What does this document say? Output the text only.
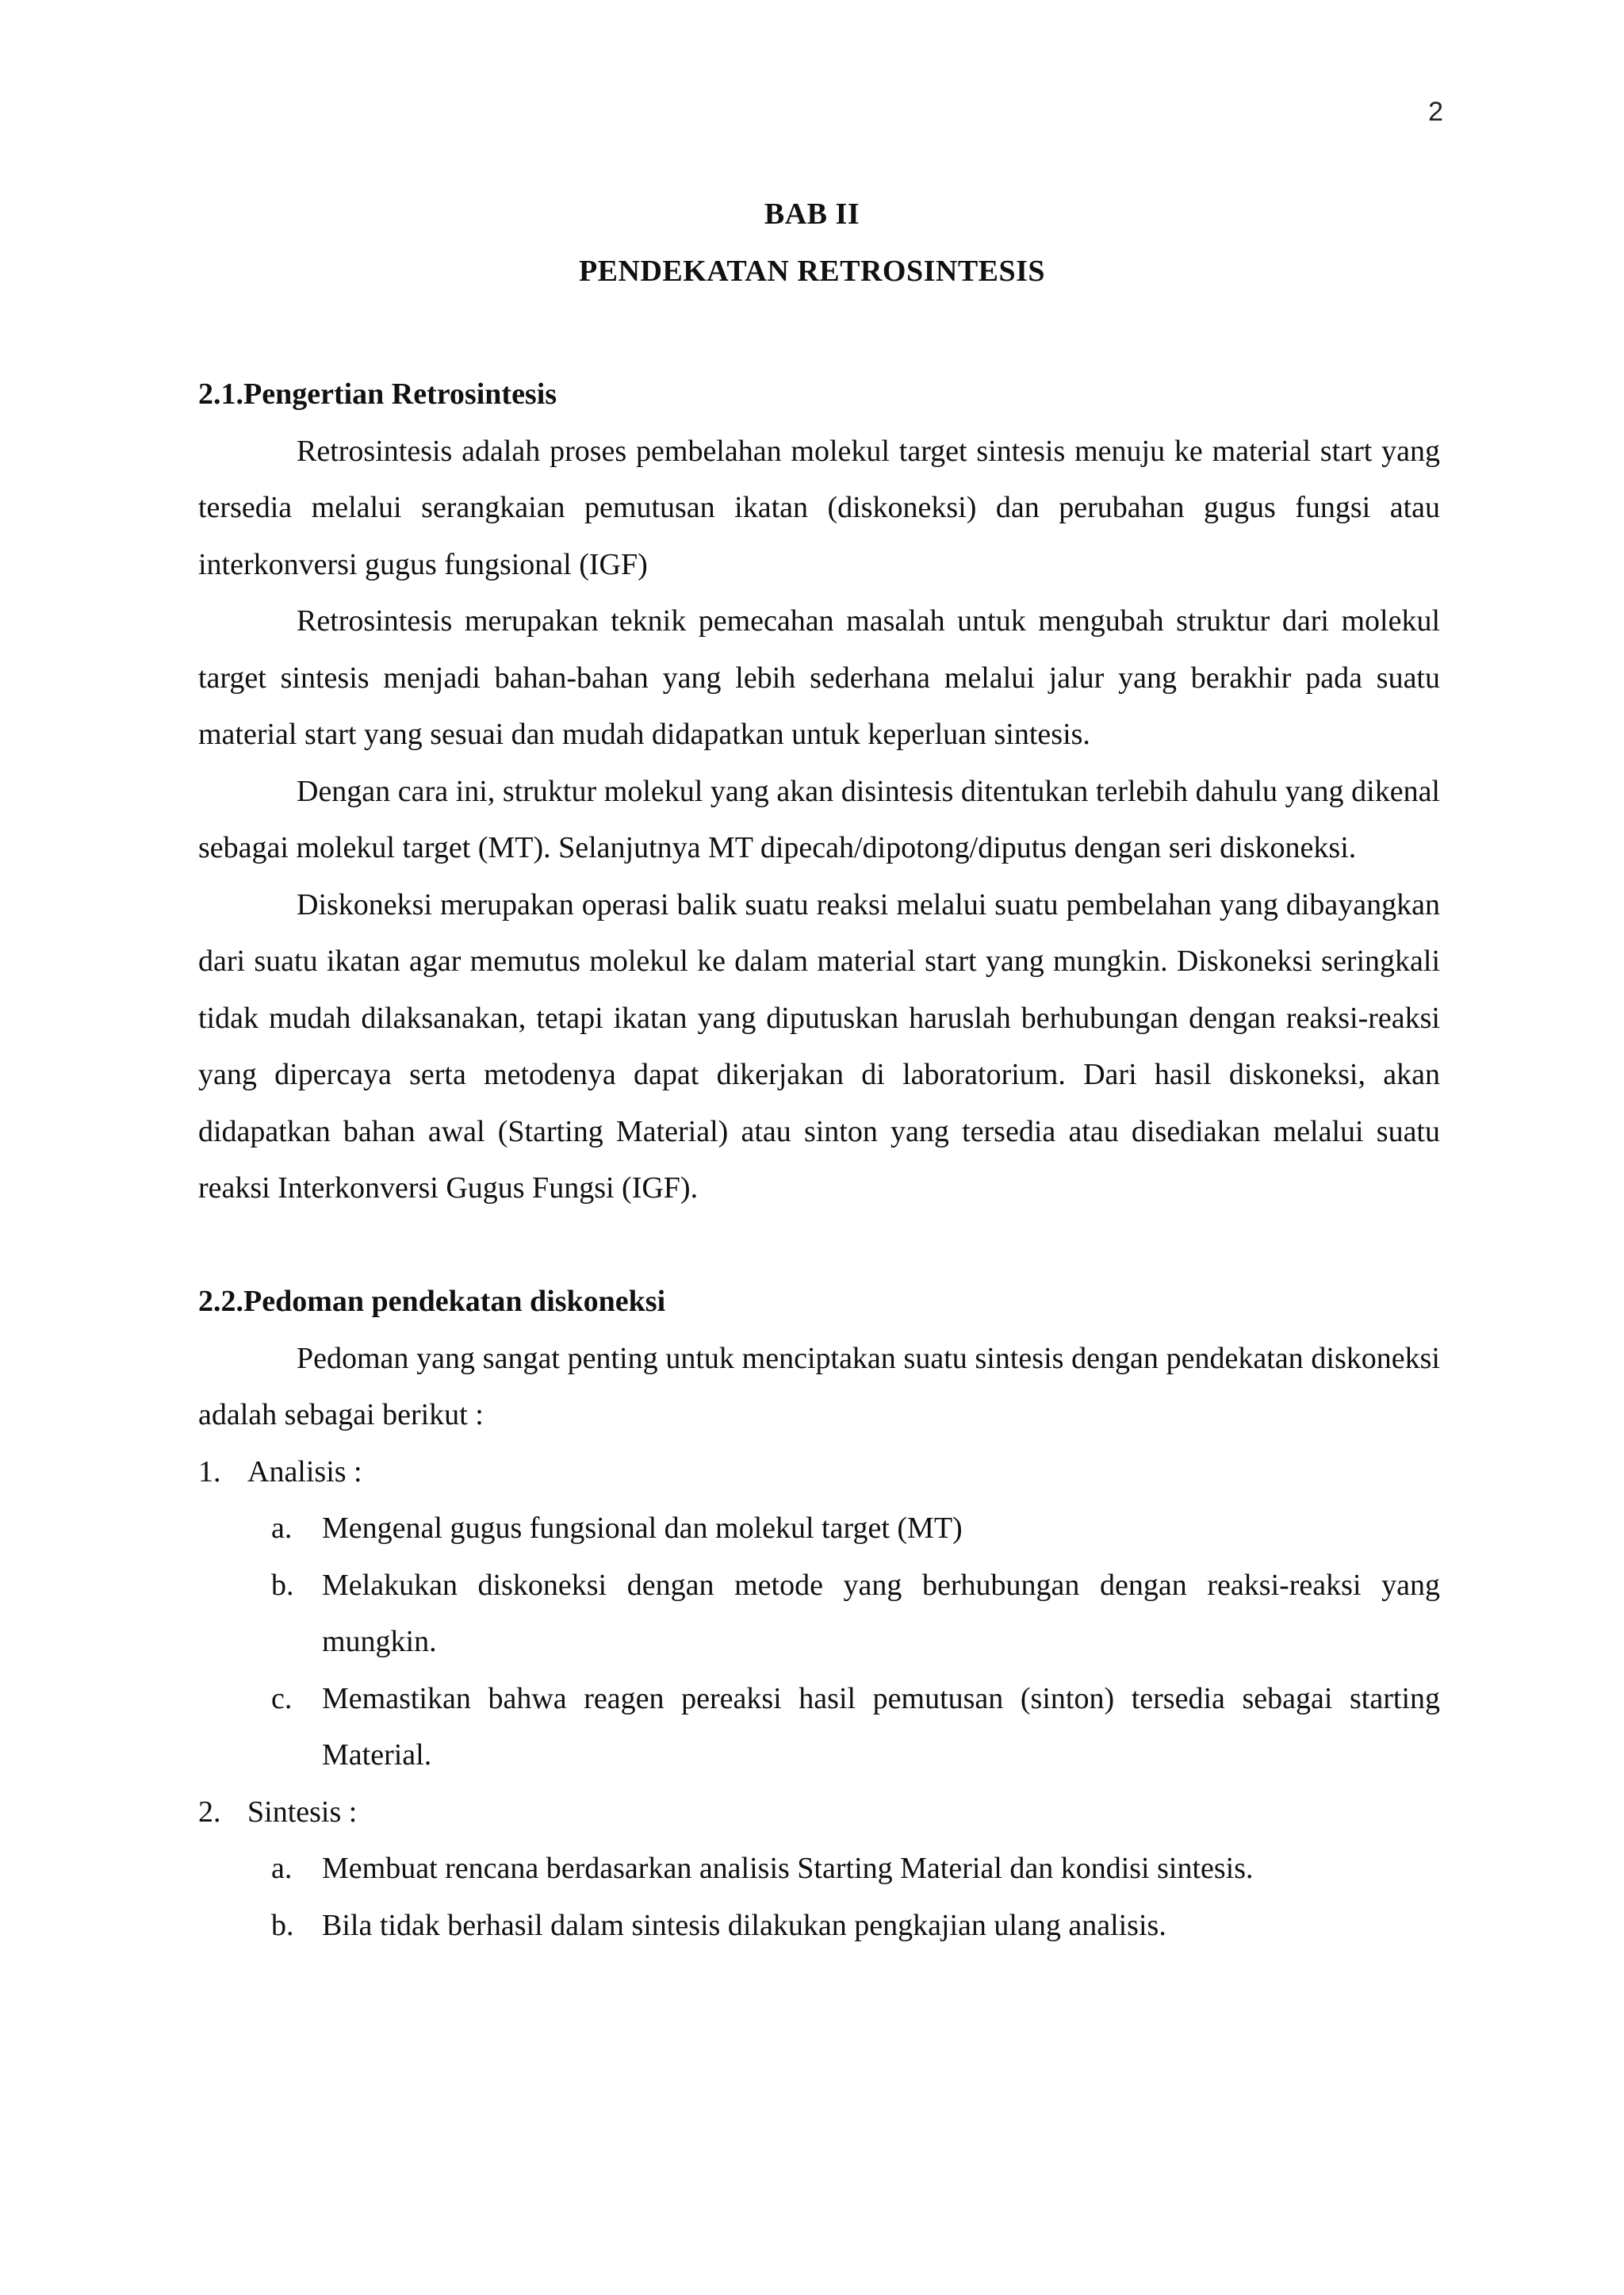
2
BAB II
PENDEKATAN RETROSINTESIS

2.1.Pengertian Retrosintesis

Retrosintesis adalah proses pembelahan molekul target sintesis menuju ke material start yang tersedia melalui serangkaian pemutusan ikatan (diskoneksi) dan perubahan gugus fungsi atau interkonversi gugus fungsional (IGF)

Retrosintesis merupakan teknik pemecahan masalah untuk mengubah struktur dari molekul target sintesis menjadi bahan-bahan yang lebih sederhana melalui jalur yang berakhir pada suatu material start yang sesuai dan mudah didapatkan untuk keperluan sintesis.

Dengan cara ini, struktur molekul yang akan disintesis ditentukan terlebih dahulu yang dikenal sebagai molekul target (MT). Selanjutnya MT dipecah/dipotong/diputus dengan seri diskoneksi.

Diskoneksi merupakan operasi balik suatu reaksi melalui suatu pembelahan yang dibayangkan dari suatu ikatan agar memutus molekul ke dalam material start yang mungkin. Diskoneksi seringkali tidak mudah dilaksanakan, tetapi ikatan yang diputuskan haruslah berhubungan dengan reaksi-reaksi yang dipercaya serta metodenya dapat dikerjakan di laboratorium. Dari hasil diskoneksi, akan didapatkan bahan awal (Starting Material) atau sinton yang tersedia atau disediakan melalui suatu reaksi Interkonversi Gugus Fungsi (IGF).

2.2.Pedoman pendekatan diskoneksi

Pedoman yang sangat penting untuk menciptakan suatu sintesis dengan pendekatan diskoneksi adalah sebagai berikut :

1. Analisis :
a. Mengenal gugus fungsional dan molekul target (MT)
b. Melakukan diskoneksi dengan metode yang berhubungan dengan reaksi-reaksi yang mungkin.
c. Memastikan bahwa reagen pereaksi hasil pemutusan (sinton) tersedia sebagai starting Material.
2. Sintesis :
a. Membuat rencana berdasarkan analisis Starting Material dan kondisi sintesis.
b. Bila tidak berhasil dalam sintesis dilakukan pengkajian ulang analisis.
